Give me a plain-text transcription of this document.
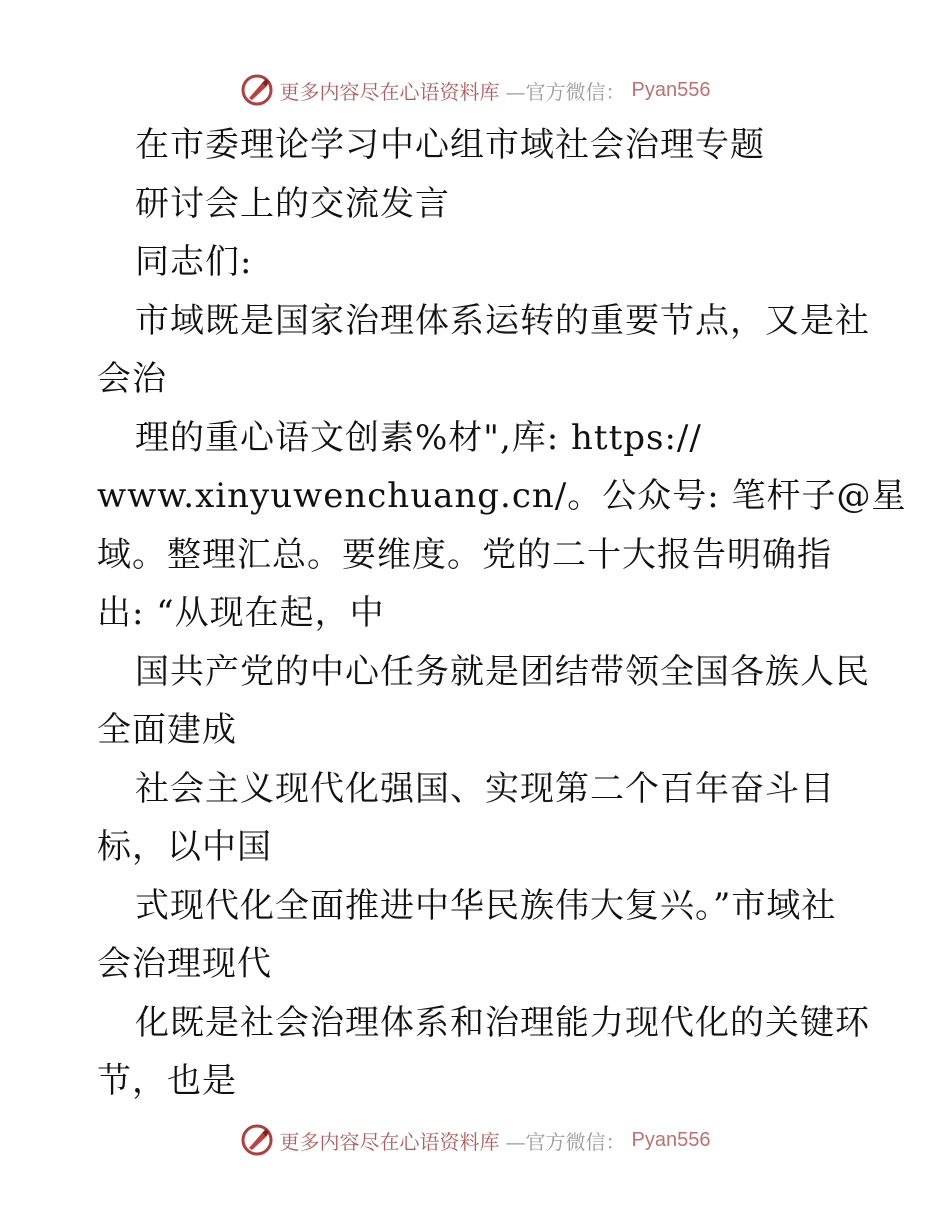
更多内容尽在心语资料库 —官方微信： Pyan556
在市委理论学习中心组市域社会治理专题
研讨会上的交流发言
同志们:
市域既是国家治理体系运转的重要节点，又是社
会治
理的重心语文创素%材",库: https://
www.xinyuwenchuang.cn/。公众号: 笔杆子@星
域。整理汇总。要维度。党的二十大报告明确指
出: “从现在起，中
国共产党的中心任务就是团结带领全国各族人民
全面建成
社会主义现代化强国、实现第二个百年奋斗目
标，以中国
式现代化全面推进中华民族伟大复兴。”市域社
会治理现代
化既是社会治理体系和治理能力现代化的关键环
节，也是
更多内容尽在心语资料库 —官方微信： Pyan556
